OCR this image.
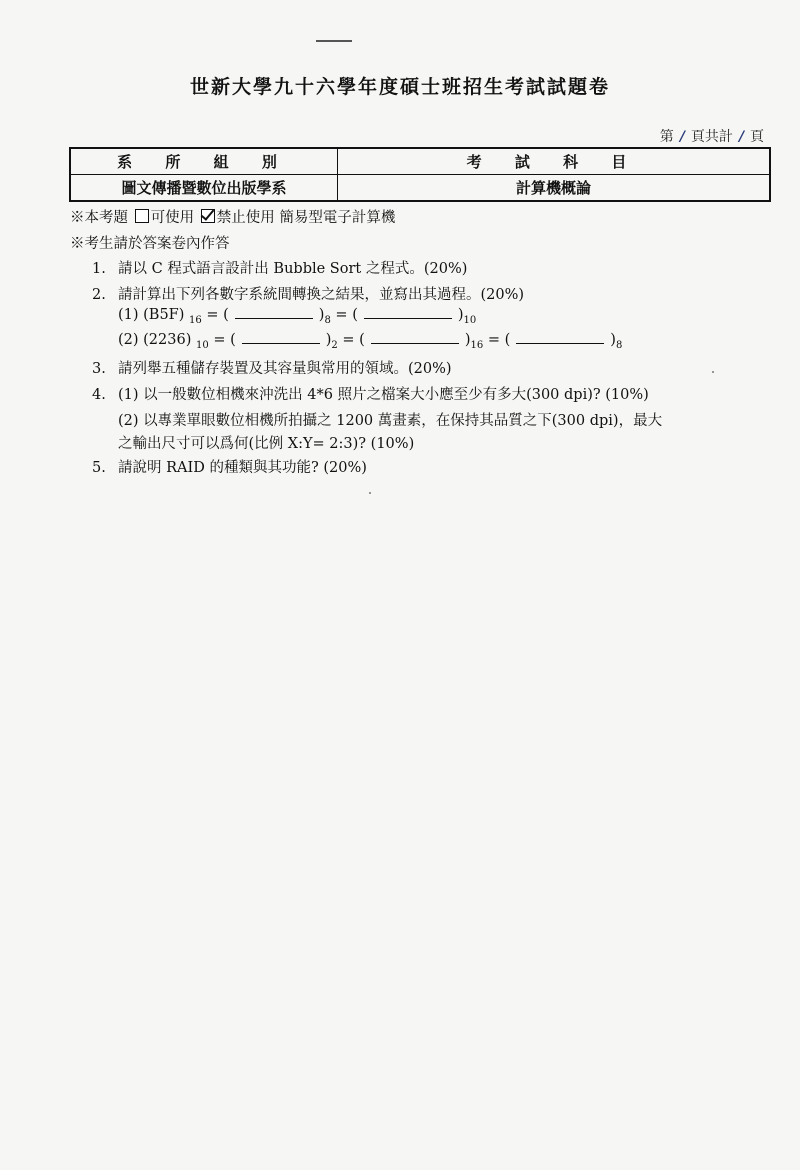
世新大學九十六學年度碩士班招生考試試題卷
第 / 頁共計 / 頁
系 所 組 別	考 試 科 目
圖文傳播暨數位出版學系	計算機概論
※本考題 可使用 禁止使用 簡易型電子計算機
※考生請於答案卷內作答
1. 請以 C 程式語言設計出 Bubble Sort 之程式。(20%)
2. 請計算出下列各數字系統間轉換之結果，並寫出其過程。(20%)
(1) (B5F) $_{16}$ = (	)$_8$ = (	)$_{10}$
(2) (2236) $_{10}$ = (	)$_2$ = (	)$_{16}$ = (	)$_8$
3. 請列舉五種儲存裝置及其容量與常用的領域。(20%)
4. (1) 以一般數位相機來沖洗出 4*6 照片之檔案大小應至少有多大(300 dpi)? (10%)
(2) 以專業單眼數位相機所拍攝之 1200 萬畫素，在保持其品質之下(300 dpi)，最大
之輸出尺寸可以爲何(比例 X:Y= 2:3)? (10%)
5. 請說明 RAID 的種類與其功能? (20%)
